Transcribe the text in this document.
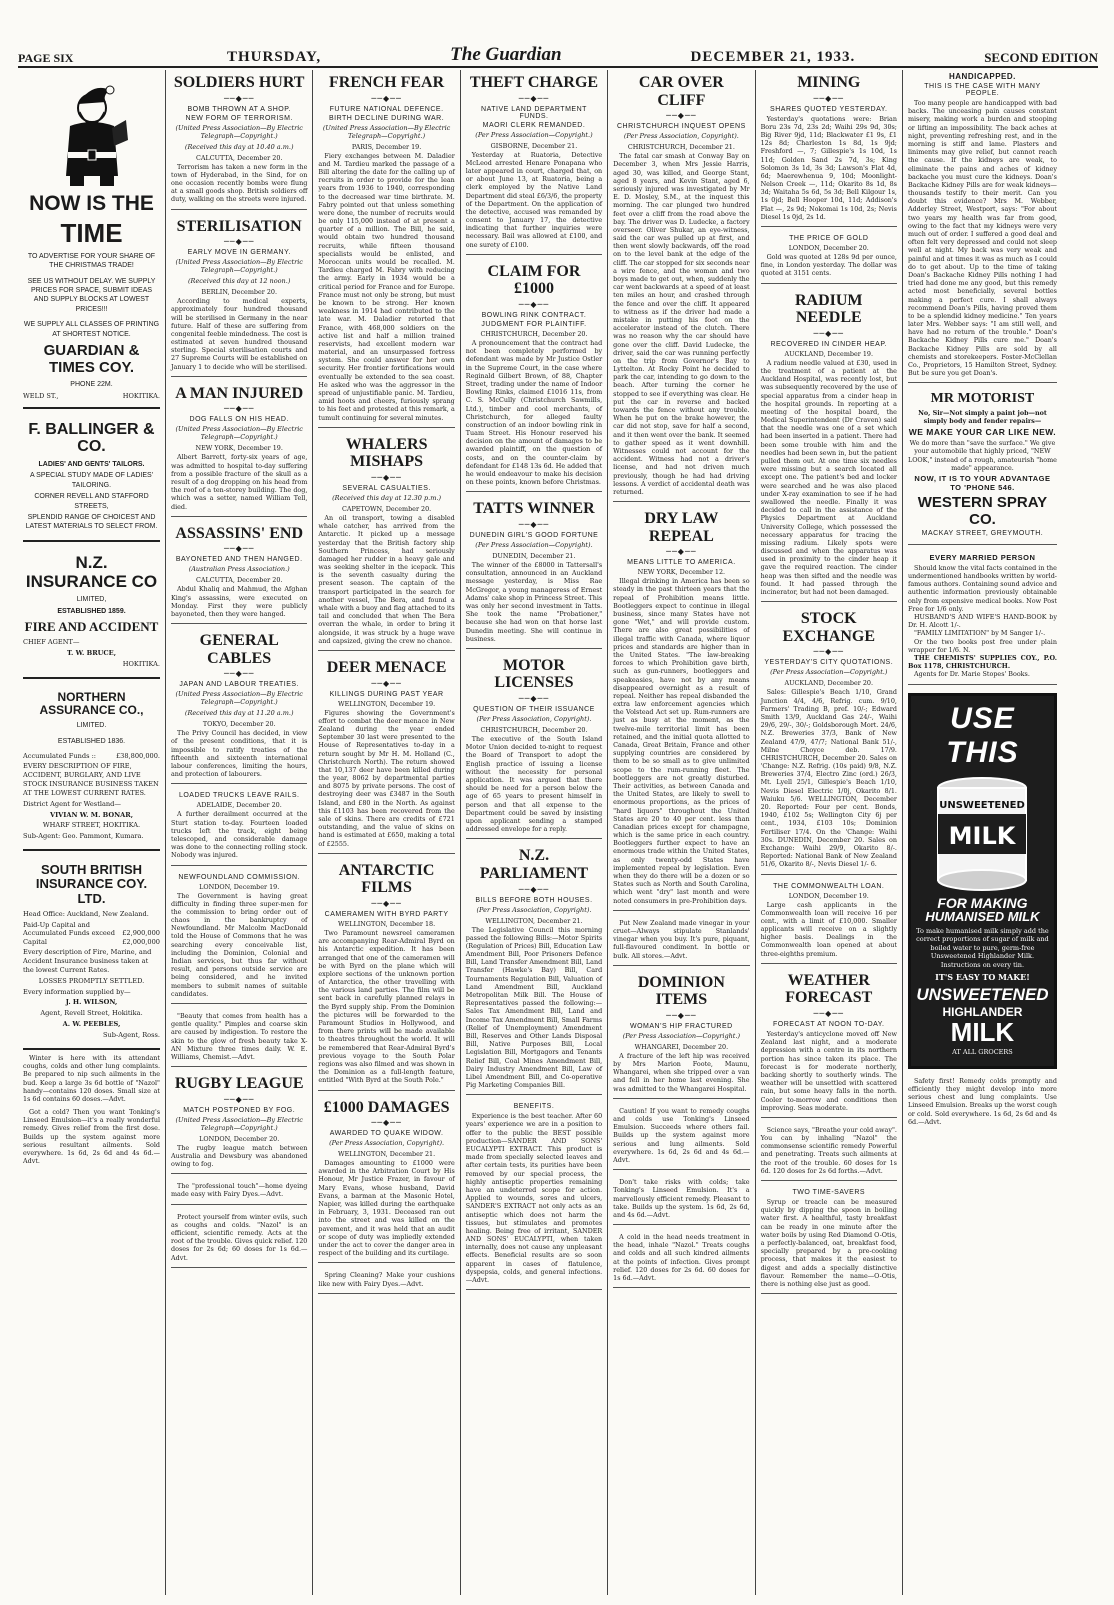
PAGE SIX	THURSDAY,	The Guardian	DECEMBER 21, 1933.	SECOND EDITION
NOW IS THE
TIME
TO ADVERTISE FOR YOUR SHARE OF THE CHRISTMAS TRADE!
SEE US WITHOUT DELAY. WE SUPPLY PRICES FOR SPACE, SUBMIT IDEAS AND SUPPLY BLOCKS AT LOWEST PRICES!!!
WE SUPPLY ALL CLASSES OF PRINTING AT SHORTEST NOTICE.
GUARDIAN & TIMES COY.
PHONE 22M.
WELD ST.,	HOKITIKA.
F. BALLINGER & CO.
LADIES' AND GENTS' TAILORS.
A SPECIAL STUDY MADE OF LADIES' TAILORING.
CORNER REVELL AND STAFFORD STREETS,
SPLENDID RANGE OF CHOICEST AND LATEST MATERIALS TO SELECT FROM.
N.Z. INSURANCE CO
LIMITED,
ESTABLISHED 1859.
FIRE AND ACCIDENT
CHIEF AGENT—
T. W. BRUCE,
HOKITIKA.
NORTHERN ASSURANCE CO.,
LIMITED.
ESTABLISHED 1836.
Accumulated Funds ::	£38,800,000.
EVERY DESCRIPTION OF FIRE, ACCIDENT, BURGLARY, AND LIVE STOCK INSURANCE BUSINESS TAKEN AT THE LOWEST CURRENT RATES.
District Agent for Westland—
VIVIAN W. M. BONAR,
WHARF STREET, HOKITIKA.
Sub-Agent: Geo. Pammont, Kumara.
SOUTH BRITISH INSURANCE COY. LTD.
Head Office: Auckland, New Zealand.
Paid-Up Capital and Accumulated Funds exceed £2,900,000
Capital	£2,000,000
Every description of Fire, Marine, and Accident Insurance business taken at the lowest Current Rates.
LOSSES PROMPTLY SETTLED.
Every information supplied by—
J. H. WILSON,
Agent, Revell Street, Hokitika.
A. W. PEEBLES,
Sub-Agent, Ross.

Winter is here with its attendant coughs, colds and other lung complaints. Be prepared to nip such ailments in the bud. Keep a large 3s 6d bottle of "Nazol" handy—contains 120 doses. Small size at 1s 6d contains 60 doses.—Advt.

Got a cold? Then you want Tonking's Linseed Emulsion—it's a really wonderful remedy. Gives relief from the first dose. Builds up the system against more serious resultant ailments. Sold everywhere. 1s 6d, 2s 6d and 4s 6d.—Advt.

SOLDIERS HURT
──◆──
BOMB THROWN AT A SHOP.
NEW FORM OF TERRORISM.
(United Press Association—By Electric Telegraph—Copyright.)
(Received this day at 10.40 a.m.)
CALCUTTA, December 20.

Terrorism has taken a new form in the town of Hyderabad, in the Sind, for on one occasion recently bombs were flung at a small goods shop. British soldiers off duty, walking on the streets were injured.

STERILISATION
──◆──
EARLY MOVE IN GERMANY.
(United Press Association—By Electric Telegraph—Copyright.)
(Received this day at 12 noon.)
BERLIN, December 20.

According to medical experts, approximately four hundred thousand will be sterilised in Germany in the near future. Half of these are suffering from congenital feeble mindedness. The cost is estimated at seven hundred thousand sterling. Special sterilisation courts and 27 Supreme Courts will be established on January 1 to decide who will be sterilised.

A MAN INJURED
──◆──
DOG FALLS ON HIS HEAD.
(United Press Association—By Electric Telegraph—Copyright.)
NEW YORK, December 19.

Albert Barrett, forty-six years of age, was admitted to hospital to-day suffering from a possible fracture of the skull as a result of a dog dropping on his head from the roof of a ten-storey building. The dog, which was a setter, named William Tell, died.

ASSASSINS' END
──◆──
BAYONETED AND THEN HANGED.
(Australian Press Association.)
CALCUTTA, December 20.

Abdul Khaliq and Mahmud, the Afghan King's assassins, were executed on Monday. First they were publicly bayoneted, then they were hanged.

GENERAL CABLES
──◆──
JAPAN AND LABOUR TREATIES.
(United Press Association—By Electric Telegraph—Copyright.)
(Received this day at 11.20 a.m.)
TOKYO, December 20.

The Privy Council has decided, in view of the present conditions, that it is impossible to ratify treaties of the fifteenth and sixteenth international labour conferences, limiting the hours, and protection of labourers.

LOADED TRUCKS LEAVE RAILS.
ADELAIDE, December 20.

A further derailment occurred at the Sturt station to-day. Fourteen loaded trucks left the track, eight being telescoped, and considerable damage was done to the connecting rolling stock. Nobody was injured.

NEWFOUNDLAND COMMISSION.
LONDON, December 19.

The Government is having great difficulty in finding three super-men for the commission to bring order out of chaos in the bankruptcy of Newfoundland. Mr Malcolm MacDonald told the House of Commons that he was searching every conceivable list, including the Dominion, Colonial and Indian services, but thus far without result, and persons outside service are being considered, and he invited members to submit names of suitable candidates.

"Beauty that comes from health has a gentle quality." Pimples and coarse skin are caused by indigestion. To restore the skin to the glow of fresh beauty take X-AN Mixture three times daily. W. E. Williams, Chemist.—Advt.

RUGBY LEAGUE
──◆──
MATCH POSTPONED BY FOG.
(United Press Association—By Electric Telegraph—Copyright.)
LONDON, December 20.

The rugby league match between Australia and Dewsbury was abandoned owing to fog.

The "professional touch"—home dyeing made easy with Fairy Dyes.—Advt.

Protect yourself from winter evils, such as coughs and colds. "Nazol" is an efficient, scientific remedy. Acts at the root of the trouble. Gives quick relief. 120 doses for 2s 6d; 60 doses for 1s 6d.—Advt.

FRENCH FEAR
──◆──
FUTURE NATIONAL DEFENCE.
BIRTH DECLINE DURING WAR.
(United Press Association—By Electric Telegraph—Copyright.)
PARIS, December 19.

Fiery exchanges between M. Daladier and M. Tardieu marked the passage of a Bill altering the date for the calling up of recruits in order to provide for the lean years from 1936 to 1940, corresponding to the decreased war time birthrate. M. Fabry pointed out that unless something were done, the number of recruits would be only 115,000 instead of at present a quarter of a million. The Bill, he said, would obtain two hundred thousand recruits, while fifteen thousand specialists would be enlisted, and Moroccan units would be recalled. M. Tardieu charged M. Fabry with reducing the army. Early in 1934 would be a critical period for France and for Europe. France must not only be strong, but must be known to be strong. Her known weakness in 1914 had contributed to the late war. M. Daladier retorted that France, with 468,000 soldiers on the active list and half a million trained reservists, had excellent modern war material, and an unsurpassed fortress system. She could answer for her own security. Her frontier fortifications would eventually be extended to the sea coast. He asked who was the aggressor in the spread of unjustifiable panic. M. Tardieu, amid hoots and cheers, furiously sprang to his feet and protested at this remark, a tumult continuing for several minutes.

WHALERS MISHAPS
──◆──
SEVERAL CASUALTIES.
(Received this day at 12.30 p.m.)
CAPETOWN, December 20.

An oil transport, towing a disabled whale catcher, has arrived from the Antarctic. It picked up a message yesterday that the British factory ship Southern Princess, had seriously damaged her rudder in a heavy gale and was seeking shelter in the icepack. This is the seventh casualty during the present season. The captain of the transport participated in the search for another vessel, The Bera, and found a whale with a buoy and flag attached to its tail and concluded that when The Bera overran the whale, in order to bring it alongside, it was struck by a huge wave and capsized, giving the crew no chance.

DEER MENACE
──◆──
KILLINGS DURING PAST YEAR
WELLINGTON, December 19.

Figures showing the Government's effort to combat the deer menace in New Zealand during the year ended September 30 last were presented to the House of Representatives to-day in a return sought by Mr H. M. Holland (C., Christchurch North). The return showed that 10,137 deer have been killed during the year, 8062 by departmental parties and 8075 by private persons. The cost of destroying deer was £3487 in the South Island, and £80 in the North. As against this £1103 has been recovered from the sale of skins. There are credits of £721 outstanding, and the value of skins on hand is estimated at £650, making a total of £2555.

ANTARCTIC FILMS
──◆──
CAMERAMEN WITH BYRD PARTY
WELLINGTON, December 18.

Two Paramount newsreel cameramen are accompanying Rear-Admiral Byrd on his Antarctic expedition. It has been arranged that one of the cameramen will be with Byrd on the plane which will explore sections of the unknown portion of Antarctica, the other travelling with the various land parties. The film will be sent back in carefully planned relays in the Byrd supply ship. From the Dominion the pictures will be forwarded to the Paramount Studios in Hollywood, and from there prints will be made available to theatres throughout the world. It will be remembered that Rear-Admiral Byrd's previous voyage to the South Polar regions was also filmed and was shown in the Dominion as a full-length feature, entitled "With Byrd at the South Pole."

£1000 DAMAGES
──◆──
AWARDED TO QUAKE WIDOW.
(Per Press Association, Copyright).
WELLINGTON, December 21.

Damages amounting to £1000 were awarded in the Arbitration Court by His Honour, Mr Justice Frazer, in favour of Mary Evans, whose husband, David Evans, a barman at the Masonic Hotel, Napier, was killed during the earthquake in February, 3, 1931. Deceased ran out into the street and was killed on the pavement, and it was held that an audit or scope of duty was impliedly extended under the act to cover the danger area in respect of the building and its curtilage.

Spring Cleaning? Make your cushions like new with Fairy Dyes.—Advt.

THEFT CHARGE
──◆──
NATIVE LAND DEPARTMENT FUNDS.
MAORI CLERK REMANDED.
(Per Press Association—Copyright.)
GISBORNE, December 21.

Yesterday at Ruatoria, Detective McLeod arrested Henare Ponapana who later appeared in court, charged that, on or about June 13, at Ruatoria, being a clerk employed by the Native Land Department did steal £6/3/6, the property of the Department. On the application of the detective, accused was remanded by consent to January 17, the detective indicating that further inquiries were necessary. Bail was allowed at £100, and one surety of £100.

CLAIM FOR £1000
──◆──
BOWLING RINK CONTRACT.
JUDGMENT FOR PLAINTIFF.
CHRISTCHURCH, December 20.

A pronouncement that the contract had not been completely performed by defendant was made by Mr Justice Ostler in the Supreme Court, in the case where Reginald Gilbert Brown, of 88, Chapter Street, trading under the name of Indoor Bowling Rinks, claimed £1016 11s, from C. S. McCully (Christchurch Sawmills, Ltd.), timber and cool merchants, of Christchurch, for alleged faulty construction of an indoor bowling rink in Tuam Street. His Honour reserved his decision on the amount of damages to be awarded plaintiff, on the question of costs, and on the counter-claim by defendant for £148 13s 6d. He added that he would endeavour to make his decision on these points, known before Christmas.

TATTS WINNER
──◆──
DUNEDIN GIRL'S GOOD FORTUNE
(Per Press Association—Copyright).
DUNEDIN, December 21.

The winner of the £8000 in Tattersall's consultation, announced in an Auckland message yesterday, is Miss Rae McGregor, a young manageress of Ernest Adams' cake shop in Princess Street. This was only her second investment in Tatts. She took the name "Probationer," because she had won on that horse last Dunedin meeting. She will continue in business.

MOTOR LICENSES
──◆──
QUESTION OF THEIR ISSUANCE
(Per Press Association, Copyright).
CHRISTCHURCH, December 20.

The executive of the South Island Motor Union decided to-night to request the Board of Transport to adopt the English practice of issuing a license without the necessity for personal application. It was argued that there should be need for a person below the age of 65 years to present himself in person and that all expense to the Department could be saved by insisting upon applicant sending a stamped addressed envelope for a reply.

N.Z. PARLIAMENT
──◆──
BILLS BEFORE BOTH HOUSES.
(Per Press Association, Copyright).
WELLINGTON, December 21.

The Legislative Council this morning passed the following Bills:—Motor Spirits (Regulation of Prices) Bill, Education Law Amendment Bill, Poor Prisoners Defence Bill, Land Transfer Amendment Bill, Land Transfer (Hawke's Bay) Bill, Card Tournaments Regulation Bill, Valuation of Land Amendment Bill, Auckland Metropolitan Milk Bill. The House of Representatives passed the following:—Sales Tax Amendment Bill, Land and Income Tax Amendment Bill, Small Farms (Relief of Unemployment) Amendment Bill, Reserves and Other Lands Disposal Bill, Native Purposes Bill, Local Legislation Bill, Mortgagors and Tenants Relief Bill, Coal Mines Amendment Bill, Dairy Industry Amendment Bill, Law of Libel Amendment Bill, and Co-operative Pig Marketing Companies Bill.

BENEFITS.

Experience is the best teacher. After 60 years' experience we are in a position to offer to the public the BEST possible production—SANDER AND SONS' EUCALYPTI EXTRACT. This product is made from specially selected leaves and after certain tests, its purities have been removed by our special process, the highly antiseptic properties remaining have an undeterred scope for action. Applied to wounds, sores and ulcers, SANDER'S EXTRACT not only acts as an antiseptic which does not harm the tissues, but stimulates and promotes healing. Being free of irritant, SANDER AND SONS' EUCALYPTI, when taken internally, does not cause any unpleasant effects. Beneficial results are so soon apparent in cases of flatulence, dyspepsia, colds, and general infections.—Advt.

CAR OVER CLIFF
──◆──
CHRISTCHURCH INQUEST OPENS
(Per Press Association, Copyright).
CHRISTCHURCH, December 21.

The fatal car smash at Conway Bay on December 3, when Mrs Jessie Harris, aged 30, was killed, and George Stant, aged 8 years, and Kevin Stant, aged 6, seriously injured was investigated by Mr E. D. Mosley, S.M., at the inquest this morning. The car plunged two hundred feet over a cliff from the road above the bay. The driver was D. Ludecke, a factory overseer. Oliver Shukar, an eye-witness, said the car was pulled up at first, and then went slowly backwards, off the road on to the level bank at the edge of the cliff. The car stopped for six seconds near a wire fence, and the woman and two boys made to get out, when, suddenly the car went backwards at a speed of at least ten miles an hour, and crashed through the fence and over the cliff. It appeared to witness as if the driver had made a mistake in putting his foot on the accelerator instead of the clutch. There was no reason why the car should have gone over the cliff. David Ludecke, the driver, said the car was running perfectly on the trip from Governor's Bay to Lyttelton. At Rocky Point he decided to park the car, intending to go down to the beach. After turning the corner he stopped to see if everything was clear. He put the car in reverse and backed towards the fence without any trouble. When he put on the brake however, the car did not stop, save for half a second, and it then went over the bank. It seemed to gather speed as it went downhill. Witnesses could not account for the accident. Witness had not a driver's license, and had not driven much previously, though he had had driving lessons. A verdict of accidental death was returned.

DRY LAW REPEAL
──◆──
MEANS LITTLE TO AMERICA.
NEW YORK, December 12.

Illegal drinking in America has been so steady in the past thirteen years that the repeal of Prohibition means little. Bootleggers expect to continue in illegal business, since many States have not gone "Wet," and will provide custom. There are also great possibilities of illegal traffic with Canada, where liquor prices and standards are higher than in the United States. "The law-breaking forces to which Prohibition gave birth, such as gun-runners, bootleggers and speakeasies, have not by any means disappeared overnight as a result of repeal. Neither has repeal disbanded the extra law enforcement agencies which the Volstead Act set up. Rum-runners are just as busy at the moment, as the twelve-mile territorial limit has been retained, and the initial quota allotted to Canada, Great Britain, France and other supplying countries are considered by them to be so small as to give unlimited scope to the rum-running fleet. The bootleggers are not greatly disturbed. Their activities, as between Canada and the United States, are likely to swell to enormous proportions, as the prices of "hard liquors" throughout the United States are 20 to 40 per cent. less than Canadian prices except for champagne, which is the same price in each country. Bootleggers further expect to have an enormous trade within the United States, as only twenty-odd States have implemented repeal by legislation. Even when they do there will be a dozen or so States such as North and South Carolina, which went "dry" last month and were noted consumers in pre-Prohibition days.

Put New Zealand made vinegar in your cruet—Always stipulate Stanlands' vinegar when you buy. It's pure, piquant, full-flavoured condiment. In bottle or bulk. All stores.—Advt.

DOMINION ITEMS
──◆──
WOMAN'S HIP FRACTURED
(Per Press Association—Copyright.)
WHANGAREI, December 20.

A fracture of the left hip was received by Mrs Marion Foote, Maunu, Whangarei, when she tripped over a van and fell in her home last evening. She was admitted to the Whangarei Hospital.

Caution! If you want to remedy coughs and colds use Tonking's Linseed Emulsion. Succeeds where others fail. Builds up the system against more serious and lung ailments. Sold everywhere. 1s 6d, 2s 6d and 4s 6d.—Advt.

Don't take risks with colds; take Tonking's Linseed Emulsion. It's a marvellously efficient remedy. Pleasant to take. Builds up the system. 1s 6d, 2s 6d, and 4s 6d.—Advt.

A cold in the head needs treatment in the head, inhale "Nazol." Treats coughs and colds and all such kindred ailments at the points of infection. Gives prompt relief. 120 doses for 2s 6d. 60 doses for 1s 6d.—Advt.

MINING
──◆──
SHARES QUOTED YESTERDAY.

Yesterday's quotations were: Brian Boru 23s 7d, 23s 2d; Waihi 29s 9d, 30s; Big River 9jd, 11d; Blackwater £1 9s, £1 12s 8d; Charleston 1s 8d, 1s 9jd; Freshford —, 7; Gillespie's 1s 10d, 1s 11d; Golden Sand 2s 7d, 3s; King Solomon 3s 1d, 3s 3d; Lawson's Flat 4d, 6d; Maerewhenua 9, 10d; Moonlight-Nelson Creek —, 11d; Okarito 8s 1d, 8s 3d; Waitaha 5s 6d, 5s 3d; Bell Kilgour 1s, 1s 0jd; Bell Hooper 10d, 11d; Addison's Flat —, 2s 9d; Nokomai 1s 10d, 2s; Nevis Diesel 1s 0jd, 2s 1d.

THE PRICE OF GOLD
LONDON, December 20.

Gold was quoted at 128s 9d per ounce, fine, in London yesterday. The dollar was quoted at 3151 cents.

RADIUM NEEDLE
──◆──
RECOVERED IN CINDER HEAP.
AUCKLAND, December 19.

A radium needle valued at £30, used in the treatment of a patient at the Auckland Hospital, was recently lost, but was subsequently recovered by the use of special apparatus from a cinder heap in the hospital grounds. In reporting at a meeting of the hospital board, the Medical Superintendent (Dr Craven) said that the needle was one of a set which had been inserted in a patient. There had been some trouble with him and the needles had been sewn in, but the patient pulled them out. At one time six needles were missing but a search located all except one. The patient's bed and locker were searched and he was also placed under X-ray examination to see if he had swallowed the needle. Finally it was decided to call in the assistance of the Physics Department at Auckland University College, which possessed the necessary apparatus for tracing the missing radium. Likely spots were discussed and when the apparatus was used in proximity to the cinder heap it gave the required reaction. The cinder heap was then sifted and the needle was found. It had passed through the incinerator, but had not been damaged.

STOCK EXCHANGE
──◆──
YESTERDAY'S CITY QUOTATIONS.
(Per Press Association—Copyright.)
AUCKLAND, December 20.

Sales: Gillespie's Beach 1/10, Grand Junction 4/4, 4/6, Refrig. cum. 9/10, Farmers' Trading B, pref. 10/-; Edward Smith 13/9, Auckland Gas 24/-, Waihi 29/6, 29/-, 30/-; Goldsborough Mort. 24/6, N.Z. Breweries 37/3, Bank of New Zealand 47/9, 47/7; National Bank 51/-, Milne Choyce deb. 17/9. CHRISTCHURCH, December 20. Sales on 'Change: N.Z. Refrig. (10s paid) 9/8, N.Z. Breweries 37/4, Electro Zinc (ord.) 26/3, Mt. Lyell 25/1, Gillespie's Beach 1/10, Nevis Diesel Electric 1/0j, Okarito 8/1. Waiuku 5/6. WELLINGTON, December 20. Reported: Four per cent. Bonds, 1940, £102 5s; Wellington City 6j per cent., 1934, £103 10s; Dominion Fertiliser 17/4. On the 'Change: Waihi 30s. DUNEDIN, December 20. Sales on Exchange: Waihi 29/9, Okarito 8/-. Reported: National Bank of New Zealand 51/6, Okarito 8/-, Nevis Diesel 1/- 6.

THE COMMONWEALTH LOAN.
LONDON, December 19.

Large cash applicants in the Commonwealth loan will receive 16 per cent., with a limit of £10,000. Smaller applicants will receive on a slightly higher basis. Dealings in the Commonwealth loan opened at about three-eighths premium.

WEATHER FORECAST
──◆──
FORECAST AT NOON TO-DAY.

Yesterday's anticyclone moved off New Zealand last night, and a moderate depression with a centre in its northern portion has since taken its place. The forecast is for moderate northerly, backing shortly to southerly winds. The weather will be unsettled with scattered rain, but some heavy falls in the north. Cooler to-morrow and conditions then improving. Seas moderate.

Science says, "Breathe your cold away". You can by inhaling "Nazol" the commonsense scientific remedy Powerful and penetrating. Treats such ailments at the root of the trouble. 60 doses for 1s 6d. 120 doses for 2s 6d forths.—Advt.

TWO TIME-SAVERS

Syrup or treacle can be measured quickly by dipping the spoon in boiling water first. A healthful, tasty breakfast can be ready in one minute after the water boils by using Red Diamond O-Otis, a perfectly-balanced, oat, breakfast food, specially prepared by a pre-cooking process, that makes it the easiest to digest and adds a specially distinctive flavour. Remember the name—O-Otis, there is nothing else just as good.

HANDICAPPED.
THIS IS THE CASE WITH MANY PEOPLE.

Too many people are handicapped with bad backs. The unceasing pain causes constant misery, making work a burden and stooping or lifting an impossibility. The back aches at night, preventing refreshing rest, and in the morning is stiff and lame. Plasters and liniments may give relief, but cannot reach the cause. If the kidneys are weak, to eliminate the pains and aches of kidney backache you must cure the kidneys. Doan's Backache Kidney Pills are for weak kidneys—thousands testify to their merit. Can you doubt this evidence? Mrs M. Webber, Adderley Street, Westport, says: "For about two years my health was far from good, owing to the fact that my kidneys were very much out of order. I suffered a good deal and often felt very depressed and could not sleep well at night. My back was very weak and painful and at times it was as much as I could do to get about. Up to the time of taking Doan's Backache Kidney Pills nothing I had tried had done me any good, but this remedy acted most beneficially, several bottles making a perfect cure. I shall always recommend Doan's Pills, having proved them to be a splendid kidney medicine." Ten years later Mrs. Webber says: "I am still well, and have had no return of the trouble." Doan's Backache Kidney Pills cure me." Doan's Backache Kidney Pills are sold by all chemists and storekeepers. Foster-McClellan Co., Proprietors, 15 Hamilton Street, Sydney. But be sure you get Doan's.

MR MOTORIST

No, Sir—Not simply a paint job—not simply body and fender repairs—

WE MAKE YOUR CAR LIKE NEW.

We do more than "save the surface." We give your automobile that highly priced, "NEW LOOK," instead of a rough, amateurish "home made" appearance.

NOW, IT IS TO YOUR ADVANTAGE TO 'PHONE 546.
WESTERN SPRAY CO.
MACKAY STREET, GREYMOUTH.
EVERY MARRIED PERSON

Should know the vital facts contained in the undermentioned handbooks written by world-famous authors. Containing sound advice and authentic information previously obtainable only from expensive medical books. Now Post Free for 1/6 only.

HUSBAND'S AND WIFE'S HAND-BOOK by Dr. H. Alcott 1/-.

"FAMILY LIMITATION" by M Sanger 1/-.

Or the two books post free under plain wrapper for 1/6. N.

THE CHEMISTS' SUPPLIES COY., P.O. Box 1178, CHRISTCHURCH.

Agents for Dr. Marie Stopes' Books.

USE THIS
UNSWEETENED
MILK
FOR MAKING
HUMANISED MILK
To make humanised milk simply add the correct proportions of sugar of milk and boiled water to pure, germ-free Unsweetened Highlander Milk. Instructions on every tin.
IT'S EASY TO MAKE!
UNSWEETENED
HIGHLANDER
MILK
AT ALL GROCERS

Safety first! Remedy colds promptly and efficiently they might develop into more serious chest and lung complaints. Use Linseed Emulsion. Breaks up the worst cough or cold. Sold everywhere. 1s 6d, 2s 6d and 4s 6d.—Advt.
